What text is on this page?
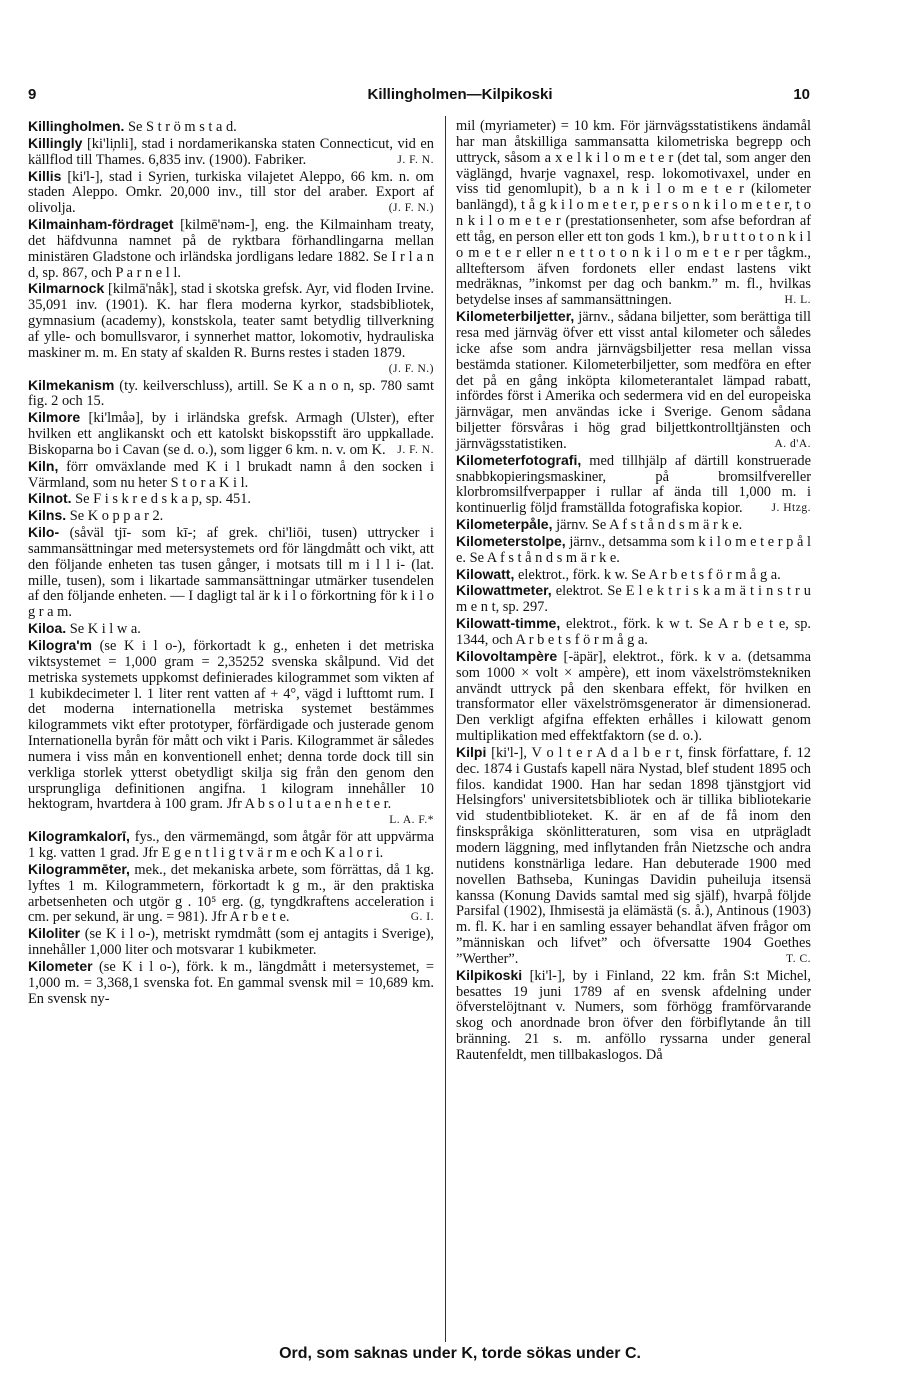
9	Killingholmen—Kilpikoski	10

Killingholmen. Se S t r ö m s t a d.

Killingly [ki'li̦nli], stad i nordamerikanska staten Connecticut, vid en källflod till Thames. 6,835 inv. (1900). Fabriker.	J. F. N.

Killis [ki'l-], stad i Syrien, turkiska vilajetet Aleppo, 66 km. n. om staden Aleppo. Omkr. 20,000 inv., till stor del araber. Export af olivolja.	(J. F. N.)

Kilmainham-fördraget [kilmē'nəm-], eng. the Kilmainham treaty, det häfdvunna namnet på de ryktbara förhandlingarna mellan ministären Gladstone och irländska jordligans ledare 1882. Se I r l a n d, sp. 867, och P a r n e l l.

Kilmarnock [kilmā'nåk], stad i skotska grefsk. Ayr, vid floden Irvine. 35,091 inv. (1901). K. har flera moderna kyrkor, stadsbibliotek, gymnasium (academy), konstskola, teater samt betydlig tillverkning af ylle- och bomullsvaror, i synnerhet mattor, lokomotiv, hydrauliska maskiner m. m. En staty af skalden R. Burns restes i staden 1879.
(J. F. N.)

Kilmekanism (ty. keilverschluss), artill. Se K a n o n, sp. 780 samt fig. 2 och 15.

Kilmore [ki'lmåə], by i irländska grefsk. Armagh (Ulster), efter hvilken ett anglikanskt och ett katolskt biskopsstift äro uppkallade. Biskoparna bo i Cavan (se d. o.), som ligger 6 km. n. v. om K. J. F. N.

Kiln, förr omväxlande med K i l brukadt namn å den socken i Värmland, som nu heter S t o r a K i l.

Kilnot. Se F i s k r e d s k a p, sp. 451.

Kilns. Se K o p p a r 2.

Kilo- (såväl tjī- som kī-; af grek. chi'liōi, tusen) uttrycker i sammansättningar med metersystemets ord för längdmått och vikt, att den följande enheten tas tusen gånger, i motsats till m i l l i- (lat. mille, tusen), som i likartade sammansättningar utmärker tusendelen af den följande enheten. — I dagligt tal är k i l o förkortning för k i l o g r a m.

Kiloa. Se K i l w a.

Kilogra'm (se K i l o-), förkortadt k g., enheten i det metriska viktsystemet = 1,000 gram = 2,35252 svenska skålpund. Vid det metriska systemets uppkomst definierades kilogrammet som vikten af 1 kubikdecimeter l. 1 liter rent vatten af + 4°, vägd i lufttomt rum. I det moderna internationella metriska systemet bestämmes kilogrammets vikt efter prototyper, förfärdigade och justerade genom Internationella byrån för mått och vikt i Paris. Kilogrammet är således numera i viss mån en konventionell enhet; denna torde dock till sin verkliga storlek ytterst obetydligt skilja sig från den genom den ursprungliga definitionen angifna. 1 kilogram innehåller 10 hektogram, hvartdera à 100 gram. Jfr A b s o l u t a e n h e t e r.
L. A. F.*

Kilogramkalorī, fys., den värmemängd, som åtgår för att uppvärma 1 kg. vatten 1 grad. Jfr E g e n t l i g t v ä r m e och K a l o r i.

Kilogrammēter, mek., det mekaniska arbete, som förrättas, då 1 kg. lyftes 1 m. Kilogrammetern, förkortadt k g m., är den praktiska arbetsenheten och utgör g . 10⁵ erg. (g, tyngdkraftens acceleration i cm. per sekund, är ung. = 981). Jfr A r b e t e.	G. I.

Kiloliter (se K i l o-), metriskt rymdmått (som ej antagits i Sverige), innehåller 1,000 liter och motsvarar 1 kubikmeter.

Kilometer (se K i l o-), förk. k m., längdmått i metersystemet, = 1,000 m. = 3,368,1 svenska fot. En gammal svensk mil = 10,689 km. En svensk ny-

mil (myriameter) = 10 km. För järnvägsstatistikens ändamål har man åtskilliga sammansatta kilometriska begrepp och uttryck, såsom a x e l k i l o m e t e r (det tal, som anger den väglängd, hvarje vagnaxel, resp. lokomotivaxel, under en viss tid genomlupit), b a n k i l o m e t e r (kilometer banlängd), t å g k i l o m e t e r, p e r s o n k i l o m e t e r, t o n k i l o m e t e r (prestationsenheter, som afse befordran af ett tåg, en person eller ett ton gods 1 km.), b r u t t o t o n k i l o m e t e r eller n e t t o t o n k i l o m e t e r per tågkm., allteftersom äfven fordonets eller endast lastens vikt medräknas, ”inkomst per dag och bankm.” m. fl., hvilkas betydelse inses af sammansättningen.	H. L.

Kilometerbiljetter, järnv., sådana biljetter, som berättiga till resa med järnväg öfver ett visst antal kilometer och således icke afse som andra järnvägsbiljetter resa mellan vissa bestämda stationer. Kilometerbiljetter, som medföra en efter det på en gång inköpta kilometerantalet lämpad rabatt, infördes först i Amerika och sedermera vid en del europeiska järnvägar, men användas icke i Sverige. Genom sådana biljetter försvåras i hög grad biljettkontrolltjänsten och järnvägsstatistiken.	A. d'A.

Kilometerfotografi, med tillhjälp af därtill konstruerade snabbkopieringsmaskiner, på bromsilfvereller klorbromsilfverpapper i rullar af ända till 1,000 m. i kontinuerlig följd framställda fotografiska kopior.	J. Htzg.

Kilometerpåle, järnv. Se A f s t å n d s m ä r k e.

Kilometerstolpe, järnv., detsamma som k i l o m e t e r p å l e. Se A f s t å n d s m ä r k e.

Kilowatt, elektrot., förk. k w. Se A r b e t s f ö r m å g a.

Kilowattmeter, elektrot. Se E l e k t r i s k a m ä t i n s t r u m e n t, sp. 297.

Kilowatt-timme, elektrot., förk. k w t. Se A r b e t e, sp. 1344, och A r b e t s f ö r m å g a.

Kilovoltampère [-äpär], elektrot., förk. k v a. (detsamma som 1000 × volt × ampère), ett inom växelströmstekniken användt uttryck på den skenbara effekt, för hvilken en transformator eller växelströmsgenerator är dimensionerad. Den verkligt afgifna effekten erhålles i kilowatt genom multiplikation med effektfaktorn (se d. o.).

Kilpi [ki'l-], V o l t e r A d a l b e r t, finsk författare, f. 12 dec. 1874 i Gustafs kapell nära Nystad, blef student 1895 och filos. kandidat 1900. Han har sedan 1898 tjänstgjort vid Helsingfors' universitetsbibliotek och är tillika bibliotekarie vid studentbiblioteket. K. är en af de få inom den finskspråkiga skönlitteraturen, som visa en utprägladt modern läggning, med inflytanden från Nietzsche och andra nutidens konstnärliga ledare. Han debuterade 1900 med novellen Bathseba, Kuningas Davidin puheiluja itsensä kanssa (Konung Davids samtal med sig själf), hvarpå följde Parsifal (1902), Ihmisestä ja elämästä (s. å.), Antinous (1903) m. fl. K. har i en samling essayer behandlat äfven frågor om ”människan och lifvet” och öfversatte 1904 Goethes ”Werther”.	T. C.

Kilpikoski [ki'l-], by i Finland, 22 km. från S:t Michel, besattes 19 juni 1789 af en svensk afdelning under öfverstelöjtnant v. Numers, som förhögg framförvarande skog och anordnade bron öfver den förbiflytande ån till bränning. 21 s. m. anföllo ryssarna under general Rautenfeldt, men tillbakaslogos. Då

Ord, som saknas under K, torde sökas under C.
